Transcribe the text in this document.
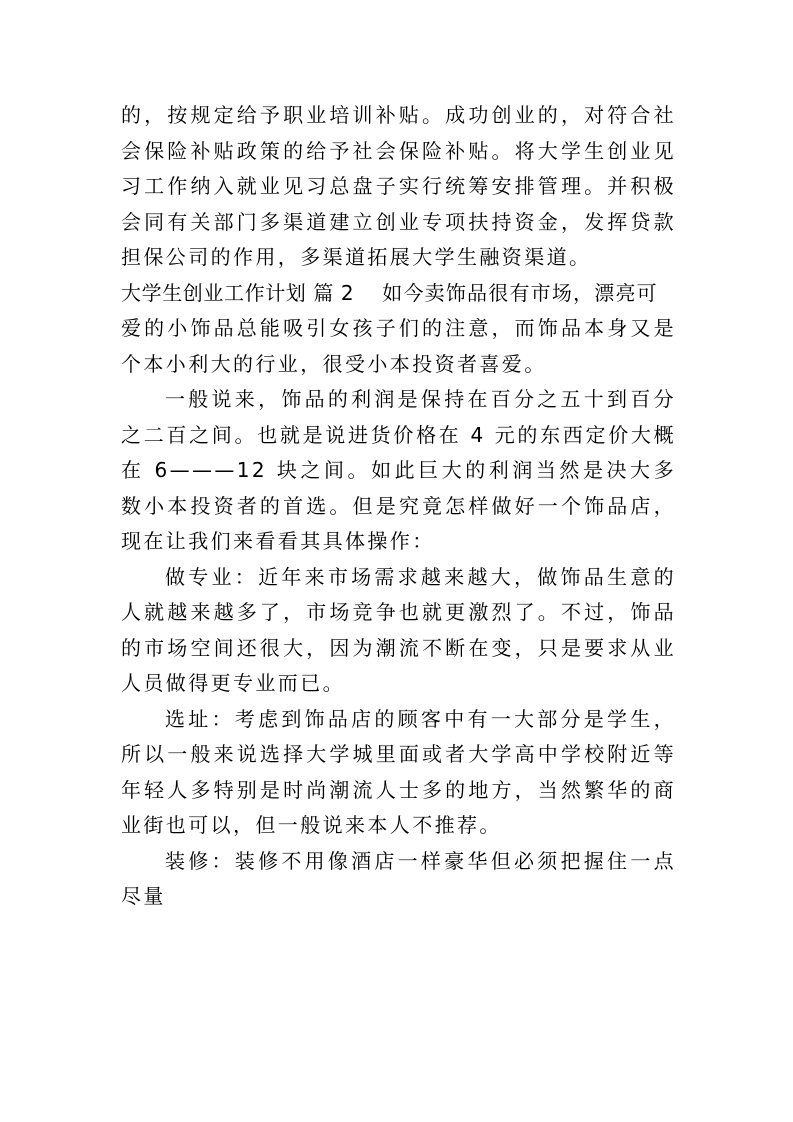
的，按规定给予职业培训补贴。成功创业的，对符合社会保险补贴政策的给予社会保险补贴。将大学生创业见习工作纳入就业见习总盘子实行统筹安排管理。并积极会同有关部门多渠道建立创业专项扶持资金，发挥贷款担保公司的作用，多渠道拓展大学生融资渠道。

大学生创业工作计划 篇 2 如今卖饰品很有市场，漂亮可

爱的小饰品总能吸引女孩子们的注意，而饰品本身又是个本小利大的行业，很受小本投资者喜爱。

一般说来，饰品的利润是保持在百分之五十到百分之二百之间。也就是说进货价格在 4 元的东西定价大概在 6———12 块之间。如此巨大的利润当然是决大多数小本投资者的首选。但是究竟怎样做好一个饰品店，现在让我们来看看其具体操作：

做专业：近年来市场需求越来越大，做饰品生意的人就越来越多了，市场竞争也就更激烈了。不过，饰品的市场空间还很大，因为潮流不断在变，只是要求从业人员做得更专业而已。

选址：考虑到饰品店的顾客中有一大部分是学生，所以一般来说选择大学城里面或者大学高中学校附近等年轻人多特别是时尚潮流人士多的地方，当然繁华的商业街也可以，但一般说来本人不推荐。

装修：装修不用像酒店一样豪华但必须把握住一点尽量
